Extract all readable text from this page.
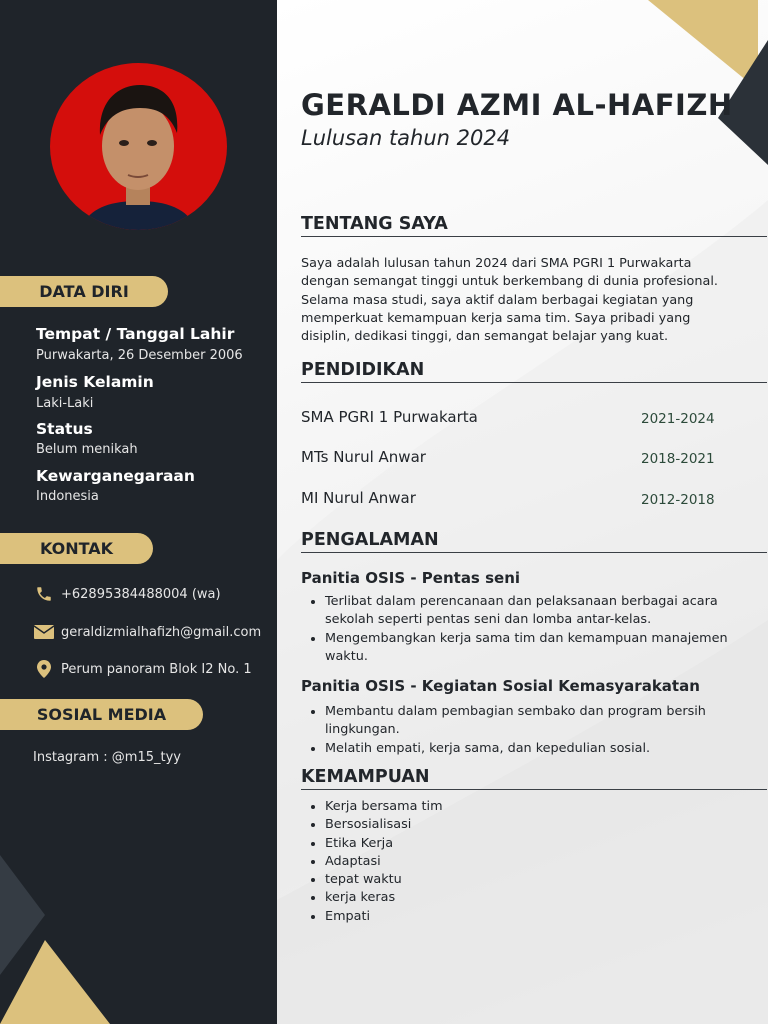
DATA DIRI
Tempat / Tanggal Lahir
Purwakarta, 26 Desember 2006
Jenis Kelamin
Laki-Laki
Status
Belum menikah
Kewarganegaraan
Indonesia
KONTAK
+62895384488004 (wa)
geraldizmialhafizh@gmail.com
Perum panoram Blok I2 No. 1
SOSIAL MEDIA
Instagram : @m15_tyy
GERALDI AZMI AL-HAFIZH
Lulusan tahun 2024
TENTANG SAYA
Saya adalah lulusan tahun 2024 dari SMA PGRI 1 Purwakarta dengan semangat tinggi untuk berkembang di dunia profesional. Selama masa studi, saya aktif dalam berbagai kegiatan yang memperkuat kemampuan kerja sama tim. Saya pribadi yang disiplin, dedikasi tinggi, dan semangat belajar yang kuat.
PENDIDIKAN
SMA PGRI 1 Purwakarta	2021-2024
MTs Nurul Anwar	2018-2021
MI Nurul Anwar	2012-2018
PENGALAMAN
Panitia OSIS - Pentas seni
• Terlibat dalam perencanaan dan pelaksanaan berbagai acara sekolah seperti pentas seni dan lomba antar-kelas.
• Mengembangkan kerja sama tim dan kemampuan manajemen waktu.
Panitia OSIS - Kegiatan Sosial Kemasyarakatan
• Membantu dalam pembagian sembako dan program bersih lingkungan.
• Melatih empati, kerja sama, dan kepedulian sosial.
KEMAMPUAN
• Kerja bersama tim
• Bersosialisasi
• Etika Kerja
• Adaptasi
• tepat waktu
• kerja keras
• Empati
